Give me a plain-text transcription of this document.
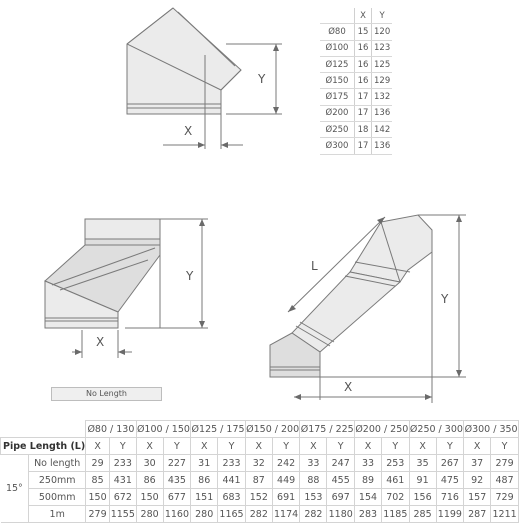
Y
X
Y
X
L
Y
X
	X	Y
Ø80	15	120
Ø100	16	123
Ø125	16	125
Ø150	16	129
Ø175	17	132
Ø200	17	136
Ø250	18	142
Ø300	17	136
No Length
		Ø80 / 130		Ø100 / 150		Ø125 / 175		Ø150 / 200		Ø175 / 225		Ø200 / 250		Ø250 / 300		Ø300 / 350	
Pipe Length (L)		X	Y	X	Y	X	Y	X	Y	X	Y	X	Y	X	Y	X	Y
15°	No length	29	233	30	227	31	233	32	242	33	247	33	253	35	267	37	279
	250mm	85	431	86	435	86	441	87	449	88	455	89	461	91	475	92	487
	500mm	150	672	150	677	151	683	152	691	153	697	154	702	156	716	157	729
	1m	279	1155	280	1160	280	1165	282	1174	282	1180	283	1185	285	1199	287	1211
